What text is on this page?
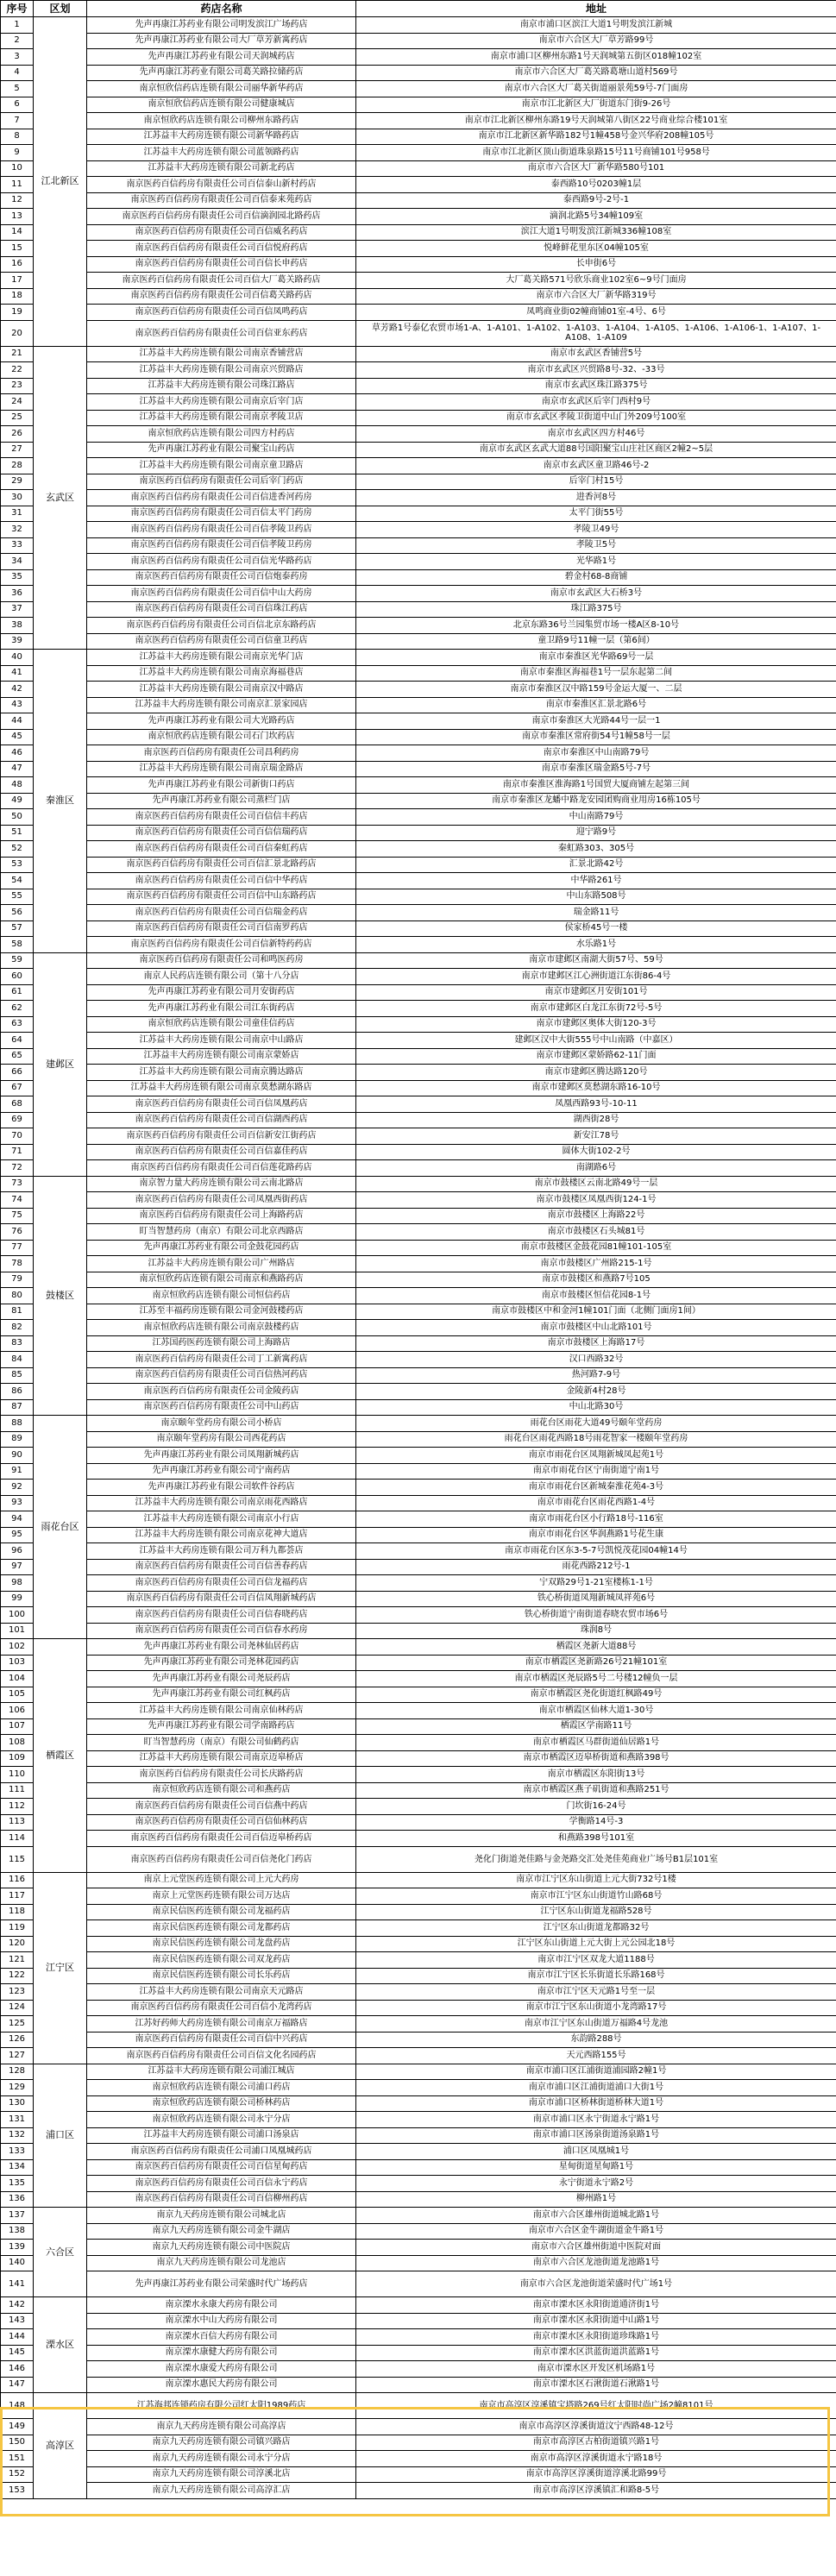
序号	区划	药店名称	地址
1	江北新区	先声再康江苏药业有限公司明发滨江广场药店	南京市浦口区滨江大道1号明发滨江新城
2		先声再康江苏药业有限公司大厂草芳新寓药店	南京市六合区大厂草芳路99号
3		先声再康江苏药业有限公司天润城药店	南京市浦口区柳州东路1号天润城第五街区018幢102室
4		先声再康江苏药业有限公司葛关路拉储药店	南京市六合区大厂葛关路葛塘山道村569号
5		南京恒欣信药店连锁有限公司丽华新华药店	南京市六合区大厂葛关街道丽景苑59号-7门面房
6		南京恒欣信药店连锁有限公司健康城店	南京市江北新区大厂街道东门街9-26号
7		南京恒欣药店连锁有限公司柳州东路药店	南京市江北新区柳州东路19号天润城第八街区22号商业综合楼101室
8		江苏益丰大药房连锁有限公司新华路药店	南京市江北新区新华路182号1幢458号金兴华府208幢105号
9		江苏益丰大药房连锁有限公司蓝领路药店	南京市江北新区顶山街道珠泉路15号11号商铺101号958号
10		江苏益丰大药房连锁有限公司新北药店	南京市六合区大厂新华路580号101
11		南京医药百信药房有限责任公司百信泰山新村药店	泰西路10号0203幢1层
12		南京医药百信药房有限责任公司百信泰来苑药店	泰西路9号-2号-1
13		南京医药百信药房有限责任公司百信滴润园北路药店	滴润北路5号34幢109室
14		南京医药百信药房有限责任公司百信威名药店	滨江大道1号明发滨江新城336幢108室
15		南京医药百信药房有限责任公司百信悦府药店	悦峰鲜花里东区04幢105室
16		南京医药百信药房有限责任公司百信长申药店	长申街6号
17		南京医药百信药房有限责任公司百信大厂葛关路药店	大厂葛关路571号欣乐商业102室6~9号门面房
18		南京医药百信药房有限责任公司百信葛关路药店	南京市六合区大厂新华路319号
19		南京医药百信药房有限责任公司百信凤鸣药店	凤鸣商业街02幢商铺01室-4号、6号
20		南京医药百信药房有限责任公司百信亚东药店	草芳路1号泰亿农贸市场1-A、1-A101、1-A102、1-A103、1-A104、1-A105、1-A106、1-A106-1、1-A107、1-A108、1-A109
21	玄武区	江苏益丰大药房连锁有限公司南京香铺营店	南京市玄武区香铺营5号
22		江苏益丰大药房连锁有限公司南京兴贸路店	南京市玄武区兴贸路8号-32、-33号
23		江苏益丰大药房连锁有限公司珠江路店	南京市玄武区珠江路375号
24		江苏益丰大药房连锁有限公司南京后宰门店	南京市玄武区后宰门西村9号
25		江苏益丰大药房连锁有限公司南京孝陵卫店	南京市玄武区孝陵卫街道中山门外209号100室
26		南京恒欣药店连锁有限公司四方村药店	南京市玄武区四方村46号
27		先声再康江苏药业有限公司聚宝山药店	南京市玄武区玄武大道88号国阳聚宝山庄社区商区2幢2~5层
28		江苏益丰大药房连锁有限公司南京童卫路店	南京市玄武区童卫路46号-2
29		南京医药百信药房有限责任公司后宰门药店	后宰门村15号
30		南京医药百信药房有限责任公司百信进香河药房	进香河8号
31		南京医药百信药房有限责任公司百信太平门药房	太平门街55号
32		南京医药百信药房有限责任公司百信孝陵卫药店	孝陵卫49号
33		南京医药百信药房有限责任公司百信孝陵卫药房	孝陵卫5号
34		南京医药百信药房有限责任公司百信光华路药店	光华路1号
35		南京医药百信药房有限责任公司百信炮泰药房	碧金村68-8商铺
36		南京医药百信药房有限责任公司百信中山大药房	南京市玄武区大石桥3号
37		南京医药百信药房有限责任公司百信珠江药店	珠江路375号
38		南京医药百信药房有限责任公司百信北京东路药店	北京东路36号兰园集贸市场一楼A区8-10号
39		南京医药百信药房有限责任公司百信童卫药店	童卫路9号11幢一层（第6间）
40	秦淮区	江苏益丰大药房连锁有限公司南京光华门店	南京市秦淮区光华路69号一层
41		江苏益丰大药房连锁有限公司南京海福巷店	南京市秦淮区海福巷1号一层东起第二间
42		江苏益丰大药房连锁有限公司南京汉中路店	南京市秦淮区汉中路159号金运大厦一、二层
43		江苏益丰大药房连锁有限公司南京汇景家园店	南京市秦淮区汇景北路6号
44		先声再康江苏药业有限公司大光路药店	南京市秦淮区大光路44号一层一1
45		南京恒欣药店连锁有限公司石门坎药店	南京市秦淮区常府街54号1幢58号一层
46		南京医药百信药房有限责任公司昌利药房	南京市秦淮区中山南路79号
47		江苏益丰大药房连锁有限公司南京瑞金路店	南京市秦淮区瑞金路5号-7号
48		先声再康江苏药业有限公司新街口药店	南京市秦淮区淮海路1号国贸大厦商铺左起第三间
49		先声再康江苏药业有限公司蒸栏门店	南京市秦淮区龙蟠中路龙安园团购商业用房16栋105号
50		南京医药百信药房有限责任公司百信信丰药店	中山南路79号
51		南京医药百信药房有限责任公司百信信瑞药店	迎宁路9号
52		南京医药百信药房有限责任公司百信秦虹药店	秦虹路303、305号
53		南京医药百信药房有限责任公司百信汇景北路药店	汇景北路42号
54		南京医药百信药房有限责任公司百信中华药店	中华路261号
55		南京医药百信药房有限责任公司百信中山东路药店	中山东路508号
56		南京医药百信药房有限责任公司百信瑞金药店	瑞金路11号
57		南京医药百信药房有限责任公司百信南罗药店	侯家桥45号一楼
58		南京医药百信药房有限责任公司百信新特药药店	水乐路1号
59	建邺区	南京医药百信药房有限责任公司和鸣医药房	南京市建邺区南湖大街57号、59号
60		南京人民药店连锁有限公司（第十八分店	南京市建邺区江心洲街道江东街86-4号
61		先声再康江苏药业有限公司月安街药店	南京市建邺区月安街101号
62		先声再康江苏药业有限公司江东街药店	南京市建邺区白龙江东街72号-5号
63		南京恒欣药店连锁有限公司童佳信药店	南京市建邺区奥体大街120-3号
64		江苏益丰大药房连锁有限公司南京中山路店	建邺区汉中大街555号中山南路（中嘉区）
65		江苏益丰大药房连锁有限公司南京蒙娇店	南京市建邺区蒙娇路62-11门面
66		江苏益丰大药房连锁有限公司南京腾达路店	南京市建邺区腾达路120号
67		江苏益丰大药房连锁有限公司南京莫愁湖东路店	南京市建邺区莫愁湖东路16-10号
68		南京医药百信药房有限责任公司百信凤凰药店	凤凰西路93号-10-11
69		南京医药百信药房有限责任公司百信湖西药店	湖西街28号
70		南京医药百信药房有限责任公司百信新安江街药店	新安江78号
71		南京医药百信药房有限责任公司百信嘉佳药店	圆体大街102-2号
72		南京医药百信药房有限责任公司百信莲花路药店	南湖路6号
73	鼓楼区	南京智力量大药房连锁有限公司云南北路店	南京市鼓楼区云南北路49号一层
74		南京医药百信药房有限责任公司凤凰西街药店	南京市鼓楼区凤凰西街124-1号
75		南京医药百信药房有限责任公司上海路药店	南京市鼓楼区上海路22号
76		盯当智慧药房（南京）有限公司北京西路店	南京市鼓楼区石头城81号
77		先声再康江苏药业有限公司金鼓花园药店	南京市鼓楼区金鼓花园81幢101-105室
78		江苏益丰大药房连锁有限公司广州路店	南京市鼓楼区广州路215-1号
79		南京恒欣药店连锁有限公司南京和燕路药店	南京市鼓楼区和燕路7号105
80		南京恒欣药店连锁有限公司恒信药店	南京市鼓楼区恒信花园8-1号
81		江苏至丰福药房连锁有限公司金河鼓楼药店	南京市鼓楼区中和金河1幢101门面（北侧门面房1间）
82		南京恒欣药店连锁有限公司南京鼓楼药店	南京市鼓楼区中山北路101号
83		江苏国药医药连锁有限公司上海路店	南京市鼓楼区上海路17号
84		南京医药百信药房有限责任公司丁工新寓药店	汉口西路32号
85		南京医药百信药房有限责任公司百信热河药店	热河路7-9号
86		南京医药百信药房有限责任公司金陵药店	金陵新4村28号
87		南京医药百信药房有限责任公司中山药店	中山北路30号
88	雨花台区	南京颐年堂药房有限公司小桥店	雨花台区雨花大道49号颐年堂药房
89		南京颐年堂药房有限公司西花药店	雨花台区雨花西路18号雨花智家一楼颐年堂药房
90		先声再康江苏药业有限公司凤翔新城药店	南京市雨花台区凤翔新城凤起苑1号
91		先声再康江苏药业有限公司宁南药店	南京市雨花台区宁南街道宁南1号
92		先声再康江苏药业有限公司软件谷药店	南京市雨花台区新城秦淮花苑4-3号
93		江苏益丰大药房连锁有限公司南京雨花西路店	南京市雨花台区雨花西路1-4号
94		江苏益丰大药房连锁有限公司南京小行店	南京市雨花台区小行路18号-116室
95		江苏益丰大药房连锁有限公司南京花神大道店	南京市雨花台区华润燕路1号花生康
96		江苏益丰大药房连锁有限公司万科九都荟店	南京市雨花台区东3-5-7号凯悦茂花园04幢14号
97		南京医药百信药房有限责任公司百信善春药店	雨花西路212号-1
98		南京医药百信药房有限责任公司百信龙福药店	宁双路29号1-21室楼栋1-1号
99		南京医药百信药房有限责任公司百信凤翔新城药店	铁心桥街道凤翔新城凤祥苑6号
100		南京医药百信药房有限责任公司百信春晓药店	铁心桥街道宁南街道春晓农贸市场6号
101		南京医药百信药房有限责任公司百信春水药房	珠润8号
102	栖霞区	先声再康江苏药业有限公司尧林仙居药店	栖霞区尧新大道88号
103		先声再康江苏药业有限公司尧林花园药店	南京市栖霞区尧新路26号21幢101室
104		先声再康江苏药业有限公司尧辰药店	南京市栖霞区尧辰路5号二号楼12幢负一层
105		先声再康江苏药业有限公司红枫药店	南京市栖霞区尧化街道红枫路49号
106		江苏益丰大药房连锁有限公司南京仙林药店	南京市栖霞区仙林大道1-30号
107		先声再康江苏药业有限公司学南路药店	栖霞区学南路11号
108		盯当智慧药房（南京）有限公司仙鹤药店	南京市栖霞区马群街道仙居路1号
109		江苏益丰大药房连锁有限公司南京迈皋桥店	南京市栖霞区迈皋桥街道和燕路398号
110		南京医药百信药房有限责任公司长庆路药店	南京市栖霞区东阳街13号
111		南京恒欣药店连锁有限公司和燕药店	南京市栖霞区燕子矶街道和燕路251号
112		南京医药百信药房有限责任公司百信燕中药店	门坎街16-24号
113		南京医药百信药房有限责任公司百信仙林药店	学衡路14号-3
114		南京医药百信药房有限责任公司百信迈皋桥药店	和燕路398号101室
115		南京医药百信药房有限责任公司百信尧化门药店	尧化门街道尧佳路与金尧路交汇处尧佳苑商业广场号B1层101室
116	江宁区	南京上元堂医药连锁有限公司上元大药房	南京市江宁区东山街道上元大街732号1楼
117		南京上元堂医药连锁有限公司万达店	南京市江宁区东山街道竹山路68号
118		南京民信医药连锁有限公司龙福药店	江宁区东山街道龙福路528号
119		南京民信医药连锁有限公司龙都药店	江宁区东山街道龙都路32号
120		南京民信医药连锁有限公司龙盘药店	江宁区东山街道上元大街上元公园北18号
121		南京民信医药连锁有限公司双龙药店	南京市江宁区双龙大道1188号
122		南京民信医药连锁有限公司长乐药店	南京市江宁区长乐街道长乐路168号
123		江苏益丰大药房连锁有限公司南京天元路店	南京市江宁区天元路1号至一层
124		南京医药百信药房有限责任公司百信小龙湾药店	南京市江宁区东山街道小龙湾路17号
125		江苏好药师大药房连锁有限公司南京万福路店	南京市江宁区东山街道万福路4号龙池
126		南京医药百信药房有限责任公司百信中兴药店	东韵路288号
127		南京医药百信药房有限责任公司百信文化名园药店	天元西路155号
128	浦口区	江苏益丰大药房连锁有限公司浦江城店	南京市浦口区江浦街道浦园路2幢1号
129		南京恒欣药店连锁有限公司浦口药店	南京市浦口区江浦街道浦口大街1号
130		南京恒欣药店连锁有限公司桥林药店	南京市浦口区桥林街道桥林大道1号
131		南京恒欣药店连锁有限公司永宁分店	南京市浦口区永宁街道永宁路1号
132		江苏益丰大药房连锁有限公司浦口汤泉店	南京市浦口区汤泉街道汤泉路1号
133		南京医药百信药房有限责任公司浦口凤凰城药店	浦口区凤凰城1号
134		南京医药百信药房有限责任公司百信星甸药店	星甸街道星甸路1号
135		南京医药百信药房有限责任公司百信永宁药店	永宁街道永宁路2号
136		南京医药百信药房有限责任公司百信柳州药店	柳州路1号
137	六合区	南京九天药房连锁有限公司城北店	南京市六合区雄州街道城北路1号
138		南京九天药房连锁有限公司金牛湖店	南京市六合区金牛湖街道金牛路1号
139		南京九天药房连锁有限公司中医院店	南京市六合区雄州街道中医院对面
140		南京九天药房连锁有限公司龙池店	南京市六合区龙池街道龙池路1号
141		先声再康江苏药业有限公司荣盛时代广场药店	南京市六合区龙池街道荣盛时代广场1号
142	溧水区	南京溧水永康大药房有限公司	南京市溧水区永阳街道通济街1号
143		南京溧水中山大药房有限公司	南京市溧水区永阳街道中山路1号
144		南京溧水百信大药房有限公司	南京市溧水区永阳街道珍珠路1号
145		南京溧水康健大药房有限公司	南京市溧水区洪蓝街道洪蓝路1号
146		南京溧水康爱大药房有限公司	南京市溧水区开发区机场路1号
147		南京溧水惠民大药房有限公司	南京市溧水区石湫街道石湫路1号
148	高淳区	江苏海邦连锁药房有限公司红太阳1989药店	南京市高淳区淳溪镇宝塔路269号红太阳时尚广场2幢8101号
149		南京九天药房连锁有限公司高淳店	南京市高淳区淳溪街道汶宁西路48-12号
150		南京九天药房连锁有限公司镇兴路店	南京市高淳区古柏街道镇兴路1号
151		南京九天药房连锁有限公司永宁分店	南京市高淳区淳溪街道永宁路18号
152		南京九天药房连锁有限公司淳溪北店	南京市高淳区淳溪街道淳溪北路99号
153		南京九天药房连锁有限公司高淳汇店	南京市高淳区淳溪镇汇和路8-5号
